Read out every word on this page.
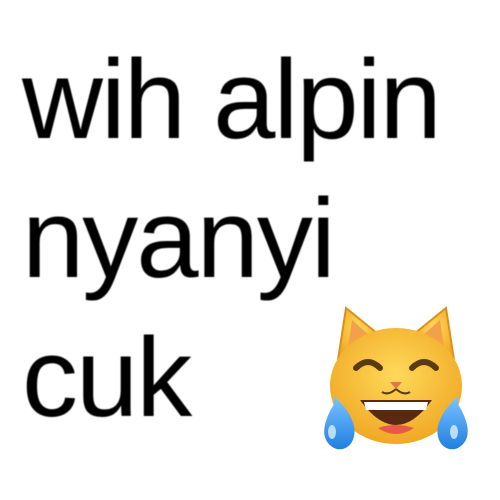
wih alpin
nyanyi
cuk
